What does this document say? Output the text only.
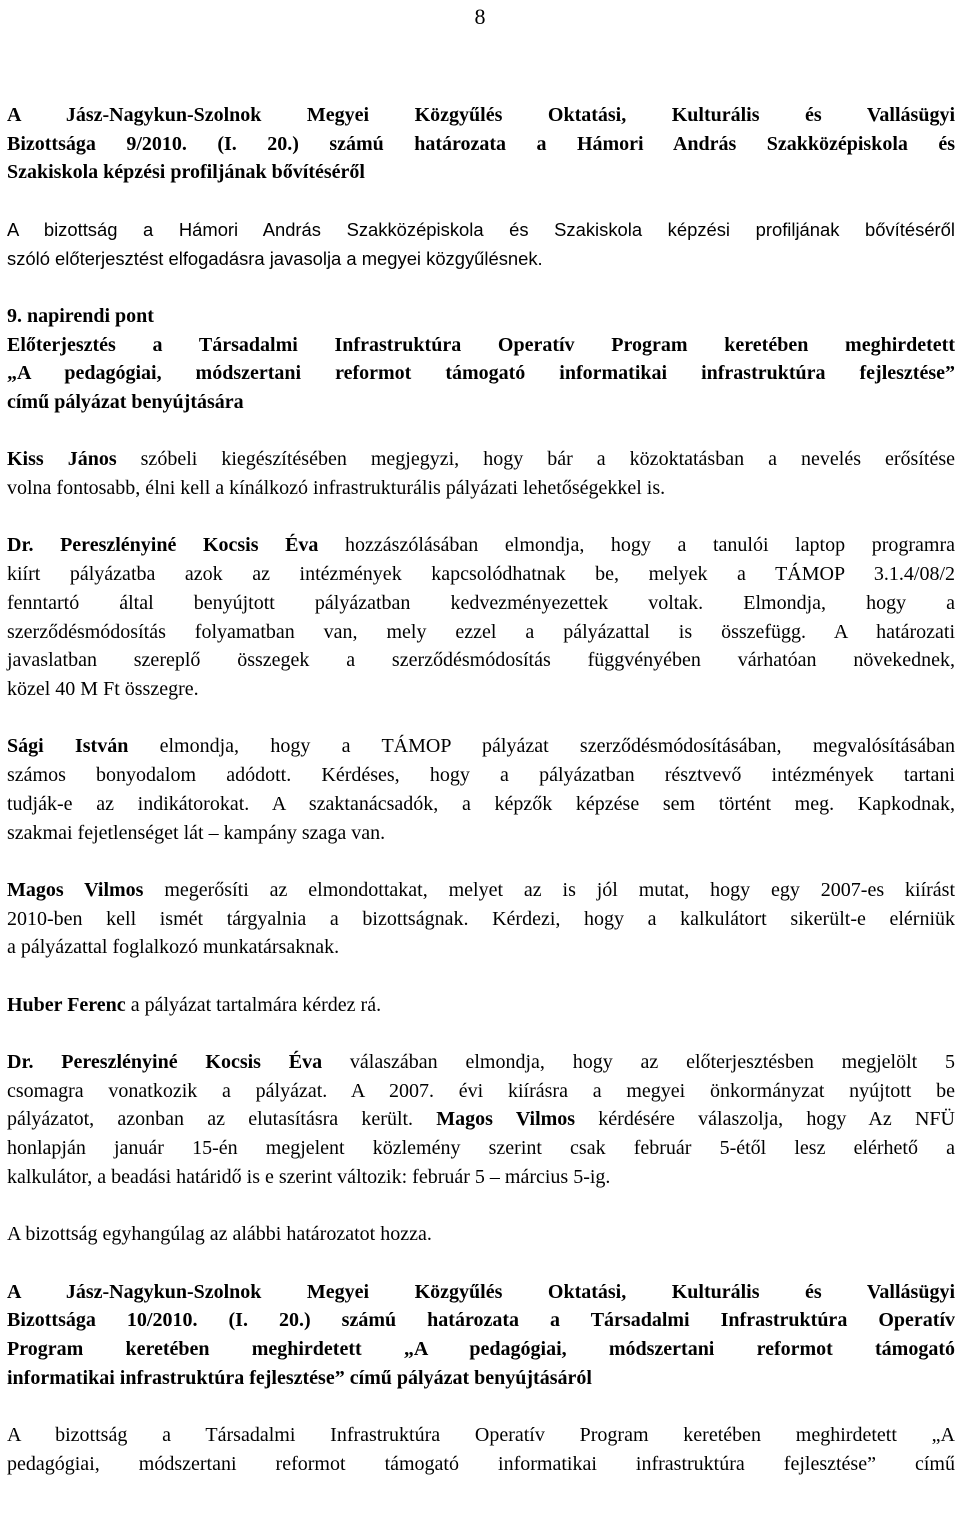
8

A Jász-Nagykun-Szolnok Megyei Közgyűlés Oktatási, Kulturális és Vallásügyi
Bizottsága 9/2010. (I. 20.) számú határozata a Hámori András Szakközépiskola és
Szakiskola képzési profiljának bővítéséről

A bizottság a Hámori András Szakközépiskola és Szakiskola képzési profiljának bővítéséről
szóló előterjesztést elfogadásra javasolja a megyei közgyűlésnek.

9. napirendi pont
Előterjesztés a Társadalmi Infrastruktúra Operatív Program keretében meghirdetett
„A pedagógiai, módszertani reformot támogató informatikai infrastruktúra fejlesztése”
című pályázat benyújtására

Kiss János szóbeli kiegészítésében megjegyzi, hogy bár a közoktatásban a nevelés erősítése
volna fontosabb, élni kell a kínálkozó infrastrukturális pályázati lehetőségekkel is.

Dr. Pereszlényiné Kocsis Éva hozzászólásában elmondja, hogy a tanulói laptop programra
kiírt pályázatba azok az intézmények kapcsolódhatnak be, melyek a TÁMOP 3.1.4/08/2
fenntartó által benyújtott pályázatban kedvezményezettek voltak. Elmondja, hogy a
szerződésmódosítás folyamatban van, mely ezzel a pályázattal is összefügg. A határozati
javaslatban szereplő összegek a szerződésmódosítás függvényében várhatóan növekednek,
közel 40 M Ft összegre.

Sági István elmondja, hogy a TÁMOP pályázat szerződésmódosításában, megvalósításában
számos bonyodalom adódott. Kérdéses, hogy a pályázatban résztvevő intézmények tartani
tudják-e az indikátorokat. A szaktanácsadók, a képzők képzése sem történt meg. Kapkodnak,
szakmai fejetlenséget lát – kampány szaga van.

Magos Vilmos megerősíti az elmondottakat, melyet az is jól mutat, hogy egy 2007-es kiírást
2010-ben kell ismét tárgyalnia a bizottságnak. Kérdezi, hogy a kalkulátort sikerült-e elérniük
a pályázattal foglalkozó munkatársaknak.

Huber Ferenc a pályázat tartalmára kérdez rá.

Dr. Pereszlényiné Kocsis Éva válaszában elmondja, hogy az előterjesztésben megjelölt 5
csomagra vonatkozik a pályázat. A 2007. évi kiírásra a megyei önkormányzat nyújtott be
pályázatot, azonban az elutasításra került. Magos Vilmos kérdésére válaszolja, hogy Az NFÜ
honlapján január 15-én megjelent közlemény szerint csak február 5-étől lesz elérhető a
kalkulátor, a beadási határidő is e szerint változik: február 5 – március 5-ig.

A bizottság egyhangúlag az alábbi határozatot hozza.

A Jász-Nagykun-Szolnok Megyei Közgyűlés Oktatási, Kulturális és Vallásügyi
Bizottsága 10/2010. (I. 20.) számú határozata a Társadalmi Infrastruktúra Operatív
Program keretében meghirdetett „A pedagógiai, módszertani reformot támogató
informatikai infrastruktúra fejlesztése” című pályázat benyújtásáról

A bizottság a Társadalmi Infrastruktúra Operatív Program keretében meghirdetett „A
pedagógiai, módszertani reformot támogató informatikai infrastruktúra fejlesztése” című
